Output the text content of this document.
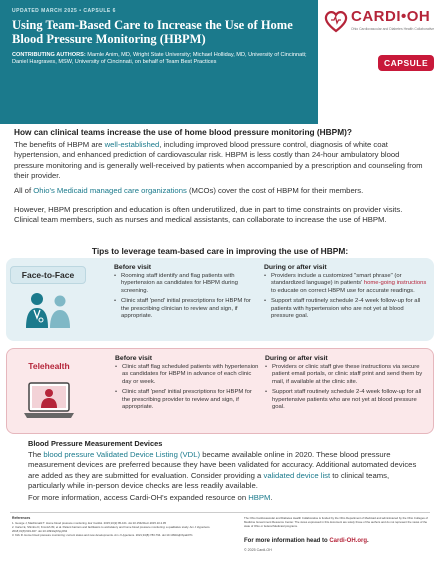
UPDATED MARCH 2025 • CAPSULE 6
Using Team-Based Care to Increase the Use of Home Blood Pressure Monitoring (HBPM)
CONTRIBUTING AUTHORS: Mamle Anim, MD, Wright State University; Michael Holliday, MD, University of Cincinnati; Daniel Hargraves, MSW, University of Cincinnati, on behalf of Team Best Practices
CARDI•OH
Ohio Cardiovascular and Diabetes Health Collaborative
CAPSULE
How can clinical teams increase the use of home blood pressure monitoring (HBPM)?
The benefits of HBPM are well-established, including improved blood pressure control, diagnosis of white coat hypertension, and enhanced prediction of cardiovascular risk. HBPM is less costly than 24-hour ambulatory blood pressure monitoring and is generally well-received by patients when accompanied by a prescription and counseling from their provider.
All of Ohio's Medicaid managed care organizations (MCOs) cover the cost of HBPM for their members.
However, HBPM prescription and education is often underutilized, due in part to time constraints on provider visits. Clinical team members, such as nurses and medical assistants, can collaborate to increase the use of HBPM.
Tips to leverage team-based care in improving the use of HBPM:
Face-to-Face
Before visit
• Rooming staff identify and flag patients with hypertension as candidates for HBPM during screening.
• Clinic staff 'pend' initial prescriptions for HBPM for the prescribing clinician to review and sign, if appropriate.
During or after visit
• Providers include a customized "smart phrase" (or standardized language) in patients' home-going instructions to educate on correct HBPM use for accurate readings.
• Support staff routinely schedule 2-4 week follow-up for all patients with hypertension who are not yet at blood pressure goal.
Telehealth
Before visit
• Clinic staff flag scheduled patients with hypertension as candidates for HBPM in advance of each clinic day or week.
• Clinic staff 'pend' initial prescriptions for HBPM for the prescribing provider to review and sign, if appropriate.
During or after visit
• Providers or clinic staff give these instructions via secure patient email portals, or clinic staff print and send them by mail, if available at the clinic site.
• Support staff routinely schedule 2-4 week follow-up for all hypertensive patients who are not yet at blood pressure goal.
Blood Pressure Measurement Devices
The blood pressure Validated Device Listing (VDL) became available online in 2020. These blood pressure measurement devices are preferred because they have been validated for accuracy. Additional automated devices are added as they are submitted for evaluation. Consider providing a validated device list to clinical teams, particularly while in-person device checks are less readily available.
For more information, access Cardi-OH's expanded resource on HBPM.
References
1. George J, MacDonald T. Home blood pressure monitoring. Eur Cardiol. 2015;10(2):95-101. doi:10.15420/ecr.2015.10.2.95
2. Carter E, Shimbo D, Kronish IM, et al. Patient barriers and facilitators to ambulatory and home blood pressure monitoring: a qualitative study. Am J Hypertens. 2018;31(8):919-927. doi:10.1093/ajh/hpy062
3. Kirk R. Home blood pressure monitoring: current status and new developments. Am J Hypertens. 2021;34(8):783-794. doi:10.1093/ajh/hpab071
The Ohio Cardiovascular and Diabetes Health Collaborative is funded by the Ohio Department of Medicaid and administered by the Ohio Colleges of Medicine Government Resource Center. The views expressed in this document are solely those of the authors and do not represent the views of the state of Ohio or federal Medicaid programs.
For more information head to Cardi-OH.org.
© 2025 Cardi-OH
